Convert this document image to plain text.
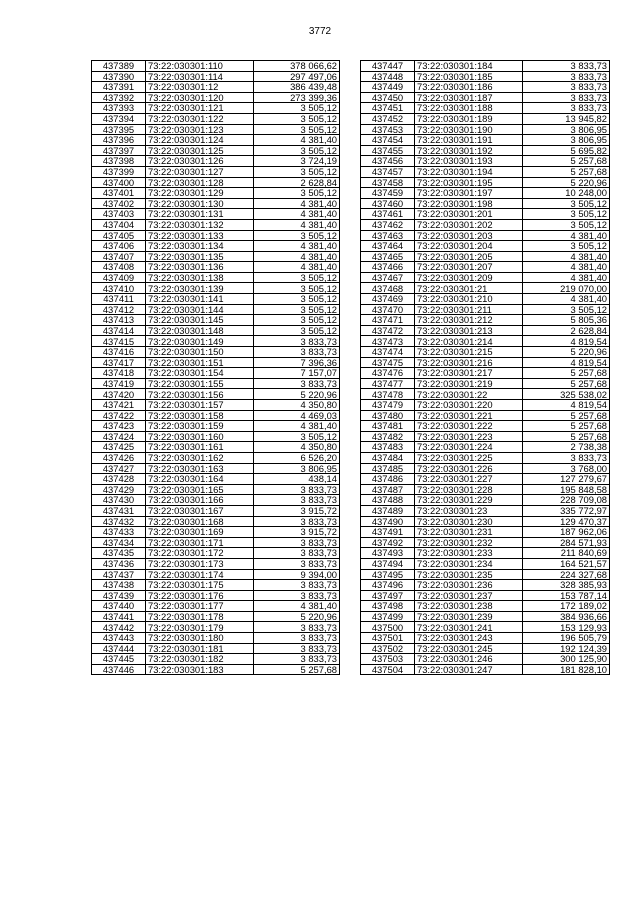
3772
437389	73:22:030301:110	378 066,62
437390	73:22:030301:114	297 497,06
437391	73:22:030301:12	386 439,48
437392	73:22:030301:120	273 399,36
437393	73:22:030301:121	3 505,12
437394	73:22:030301:122	3 505,12
437395	73:22:030301:123	3 505,12
437396	73:22:030301:124	4 381,40
437397	73:22:030301:125	3 505,12
437398	73:22:030301:126	3 724,19
437399	73:22:030301:127	3 505,12
437400	73:22:030301:128	2 628,84
437401	73:22:030301:129	3 505,12
437402	73:22:030301:130	4 381,40
437403	73:22:030301:131	4 381,40
437404	73:22:030301:132	4 381,40
437405	73:22:030301:133	3 505,12
437406	73:22:030301:134	4 381,40
437407	73:22:030301:135	4 381,40
437408	73:22:030301:136	4 381,40
437409	73:22:030301:138	3 505,12
437410	73:22:030301:139	3 505,12
437411	73:22:030301:141	3 505,12
437412	73:22:030301:144	3 505,12
437413	73:22:030301:145	3 505,12
437414	73:22:030301:148	3 505,12
437415	73:22:030301:149	3 833,73
437416	73:22:030301:150	3 833,73
437417	73:22:030301:151	7 396,36
437418	73:22:030301:154	7 157,07
437419	73:22:030301:155	3 833,73
437420	73:22:030301:156	5 220,96
437421	73:22:030301:157	4 350,80
437422	73:22:030301:158	4 469,03
437423	73:22:030301:159	4 381,40
437424	73:22:030301:160	3 505,12
437425	73:22:030301:161	4 350,80
437426	73:22:030301:162	6 526,20
437427	73:22:030301:163	3 806,95
437428	73:22:030301:164	438,14
437429	73:22:030301:165	3 833,73
437430	73:22:030301:166	3 833,73
437431	73:22:030301:167	3 915,72
437432	73:22:030301:168	3 833,73
437433	73:22:030301:169	3 915,72
437434	73:22:030301:171	3 833,73
437435	73:22:030301:172	3 833,73
437436	73:22:030301:173	3 833,73
437437	73:22:030301:174	9 394,00
437438	73:22:030301:175	3 833,73
437439	73:22:030301:176	3 833,73
437440	73:22:030301:177	4 381,40
437441	73:22:030301:178	5 220,96
437442	73:22:030301:179	3 833,73
437443	73:22:030301:180	3 833,73
437444	73:22:030301:181	3 833,73
437445	73:22:030301:182	3 833,73
437446	73:22:030301:183	5 257,68
437447	73:22:030301:184	3 833,73
437448	73:22:030301:185	3 833,73
437449	73:22:030301:186	3 833,73
437450	73:22:030301:187	3 833,73
437451	73:22:030301:188	3 833,73
437452	73:22:030301:189	13 945,82
437453	73:22:030301:190	3 806,95
437454	73:22:030301:191	3 806,95
437455	73:22:030301:192	5 695,82
437456	73:22:030301:193	5 257,68
437457	73:22:030301:194	5 257,68
437458	73:22:030301:195	5 220,96
437459	73:22:030301:197	10 248,00
437460	73:22:030301:198	3 505,12
437461	73:22:030301:201	3 505,12
437462	73:22:030301:202	3 505,12
437463	73:22:030301:203	4 381,40
437464	73:22:030301:204	3 505,12
437465	73:22:030301:205	4 381,40
437466	73:22:030301:207	4 381,40
437467	73:22:030301:209	4 381,40
437468	73:22:030301:21	219 070,00
437469	73:22:030301:210	4 381,40
437470	73:22:030301:211	3 505,12
437471	73:22:030301:212	5 805,36
437472	73:22:030301:213	2 628,84
437473	73:22:030301:214	4 819,54
437474	73:22:030301:215	5 220,96
437475	73:22:030301:216	4 819,54
437476	73:22:030301:217	5 257,68
437477	73:22:030301:219	5 257,68
437478	73:22:030301:22	325 538,02
437479	73:22:030301:220	4 819,54
437480	73:22:030301:221	5 257,68
437481	73:22:030301:222	5 257,68
437482	73:22:030301:223	5 257,68
437483	73:22:030301:224	2 738,38
437484	73:22:030301:225	3 833,73
437485	73:22:030301:226	3 768,00
437486	73:22:030301:227	127 279,67
437487	73:22:030301:228	195 848,58
437488	73:22:030301:229	228 709,08
437489	73:22:030301:23	335 772,97
437490	73:22:030301:230	129 470,37
437491	73:22:030301:231	187 962,06
437492	73:22:030301:232	284 571,93
437493	73:22:030301:233	211 840,69
437494	73:22:030301:234	164 521,57
437495	73:22:030301:235	224 327,68
437496	73:22:030301:236	328 385,93
437497	73:22:030301:237	153 787,14
437498	73:22:030301:238	172 189,02
437499	73:22:030301:239	384 936,66
437500	73:22:030301:241	153 129,93
437501	73:22:030301:243	196 505,79
437502	73:22:030301:245	192 124,39
437503	73:22:030301:246	300 125,90
437504	73:22:030301:247	181 828,10
